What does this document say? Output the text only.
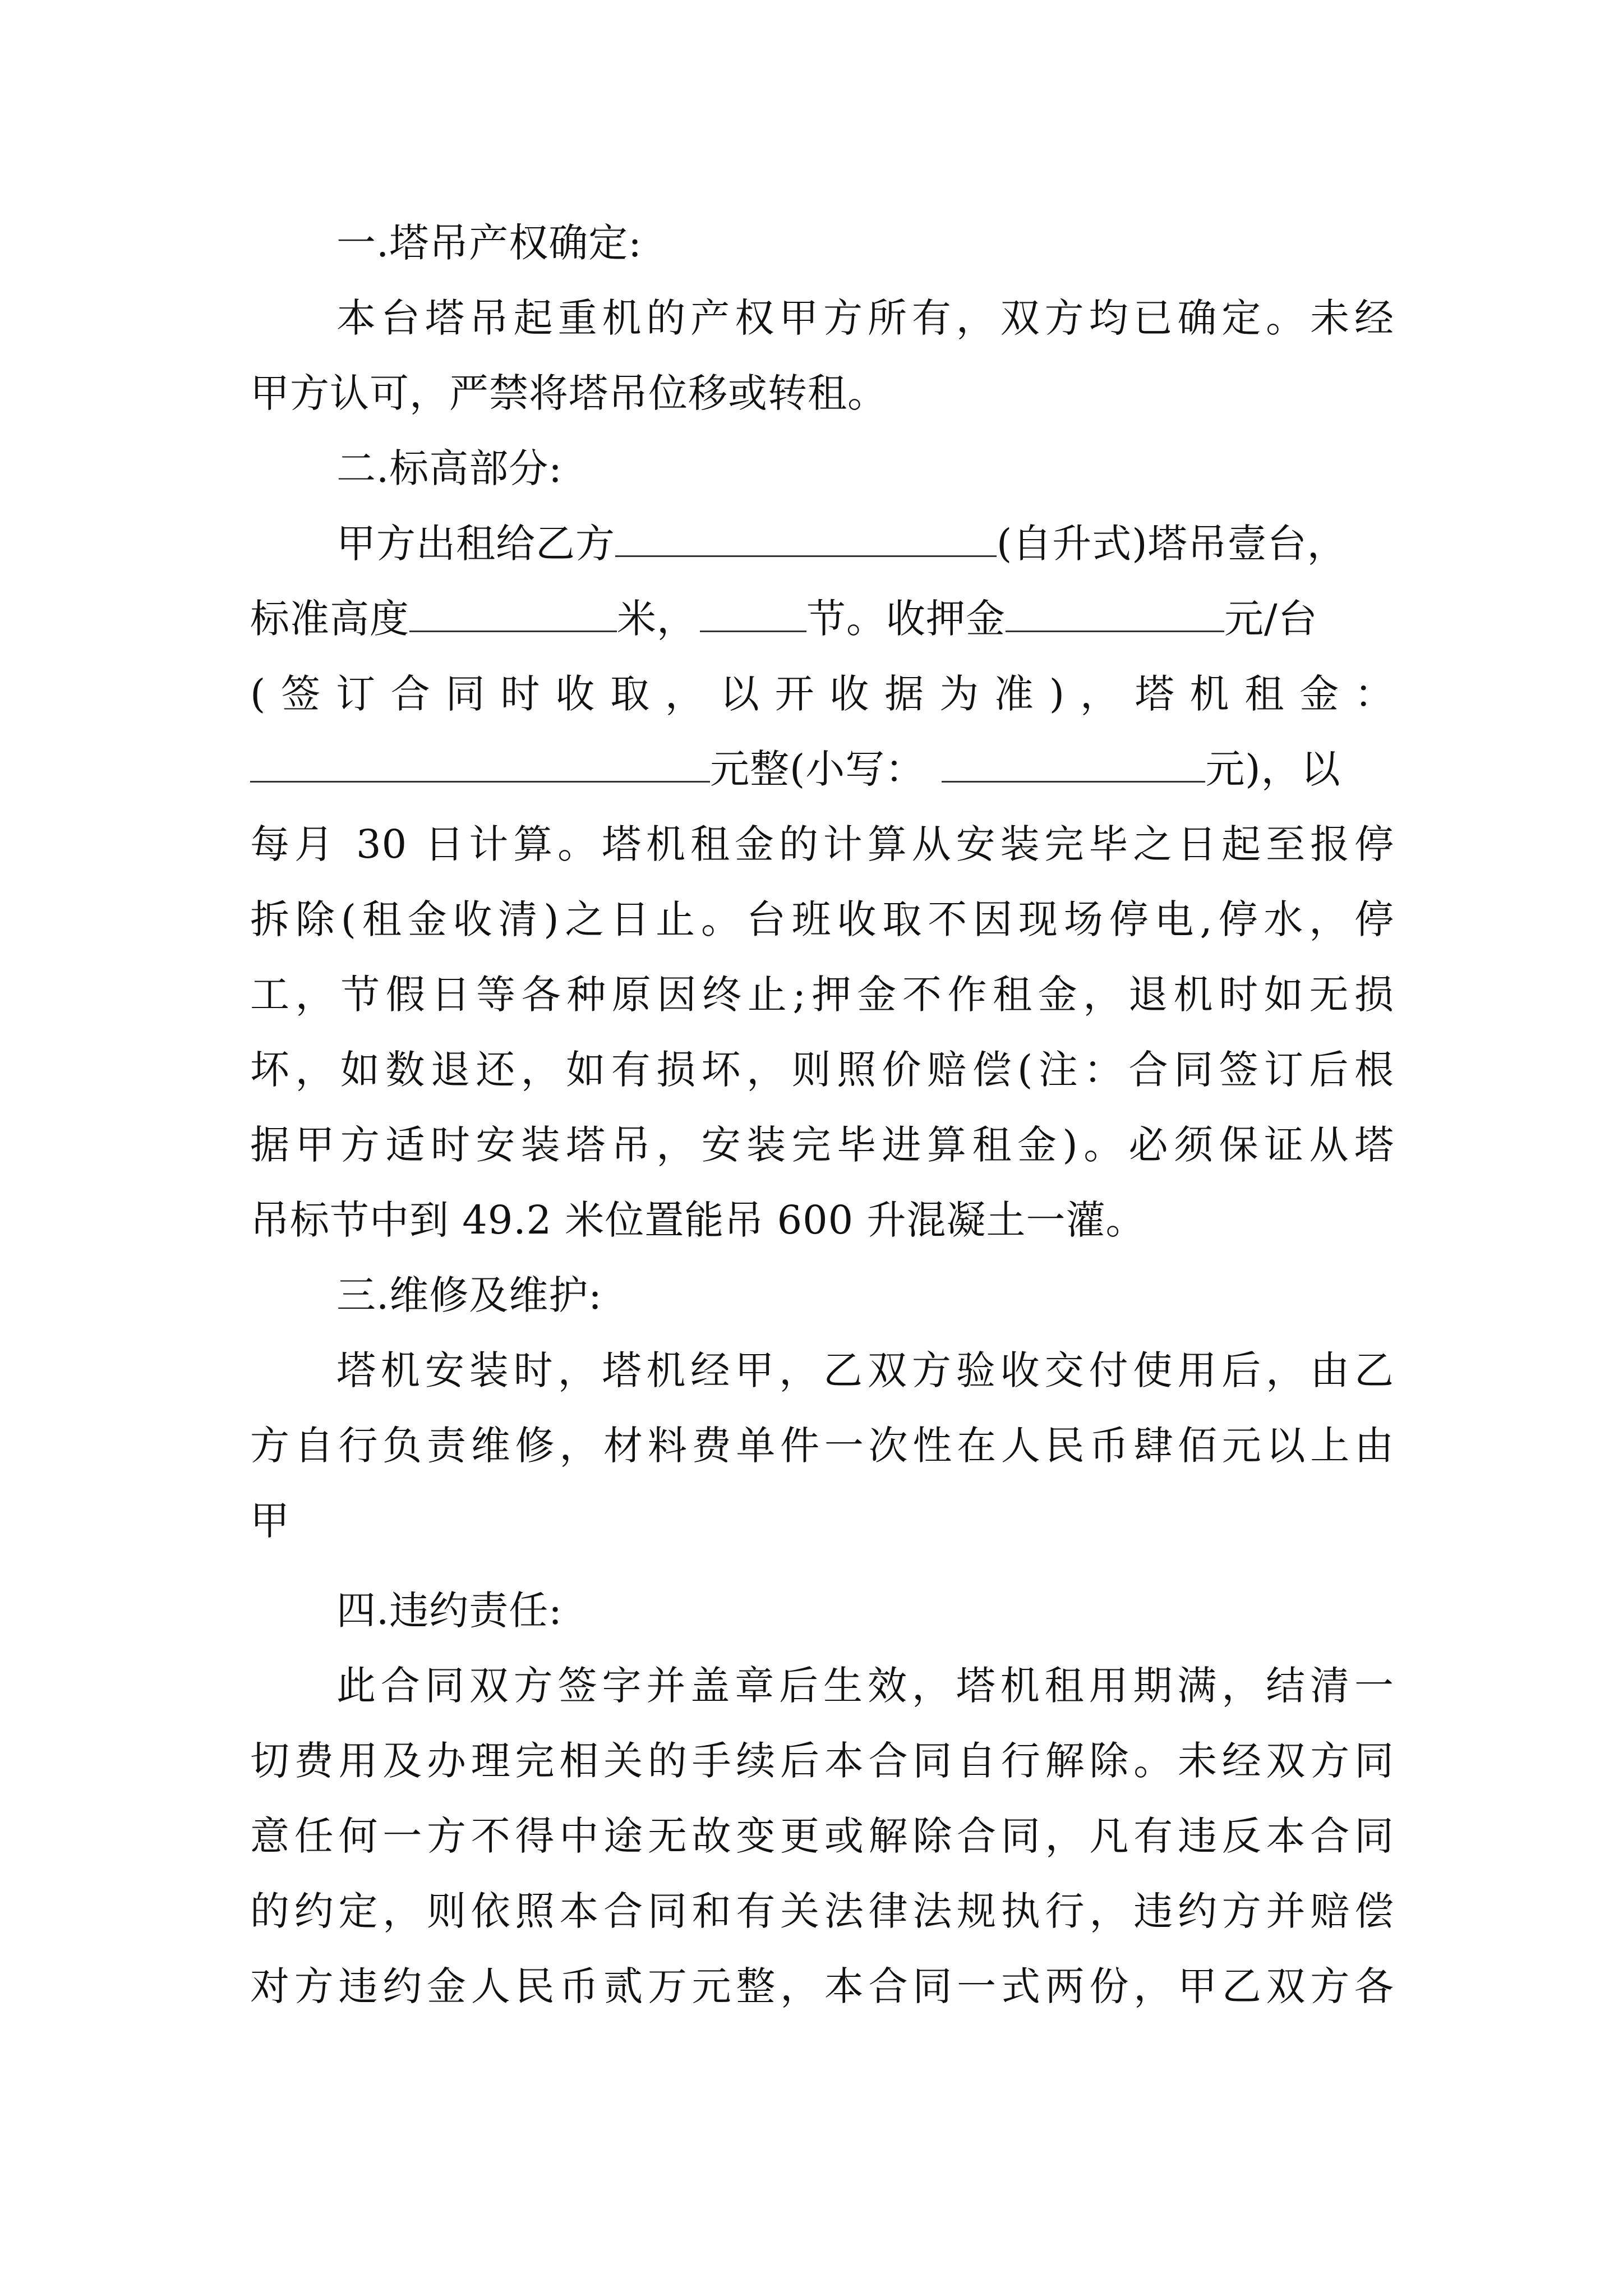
一.塔吊产权确定:
本台塔吊起重机的产权甲方所有，双方均已确定。未经
甲方认可，严禁将塔吊位移或转租。
二.标高部分:
甲方出租给乙方	(自升式)塔吊壹台，
标准高度	米，	节。收押金	元/台
(签订合同时收取，以开收据为准)，塔机租金：
元整(小写：	元)，以
每月 30 日计算。塔机租金的计算从安装完毕之日起至报停
拆除(租金收清)之日止。台班收取不因现场停电,停水，停
工，节假日等各种原因终止;押金不作租金，退机时如无损
坏，如数退还，如有损坏，则照价赔偿(注：合同签订后根
据甲方适时安装塔吊，安装完毕进算租金)。必须保证从塔
吊标节中到 49.2 米位置能吊 600 升混凝土一灌。
三.维修及维护:
塔机安装时，塔机经甲，乙双方验收交付使用后，由乙
方自行负责维修，材料费单件一次性在人民币肆佰元以上由
甲
四.违约责任:
此合同双方签字并盖章后生效，塔机租用期满，结清一
切费用及办理完相关的手续后本合同自行解除。未经双方同
意任何一方不得中途无故变更或解除合同，凡有违反本合同
的约定，则依照本合同和有关法律法规执行，违约方并赔偿
对方违约金人民币贰万元整，本合同一式两份，甲乙双方各
